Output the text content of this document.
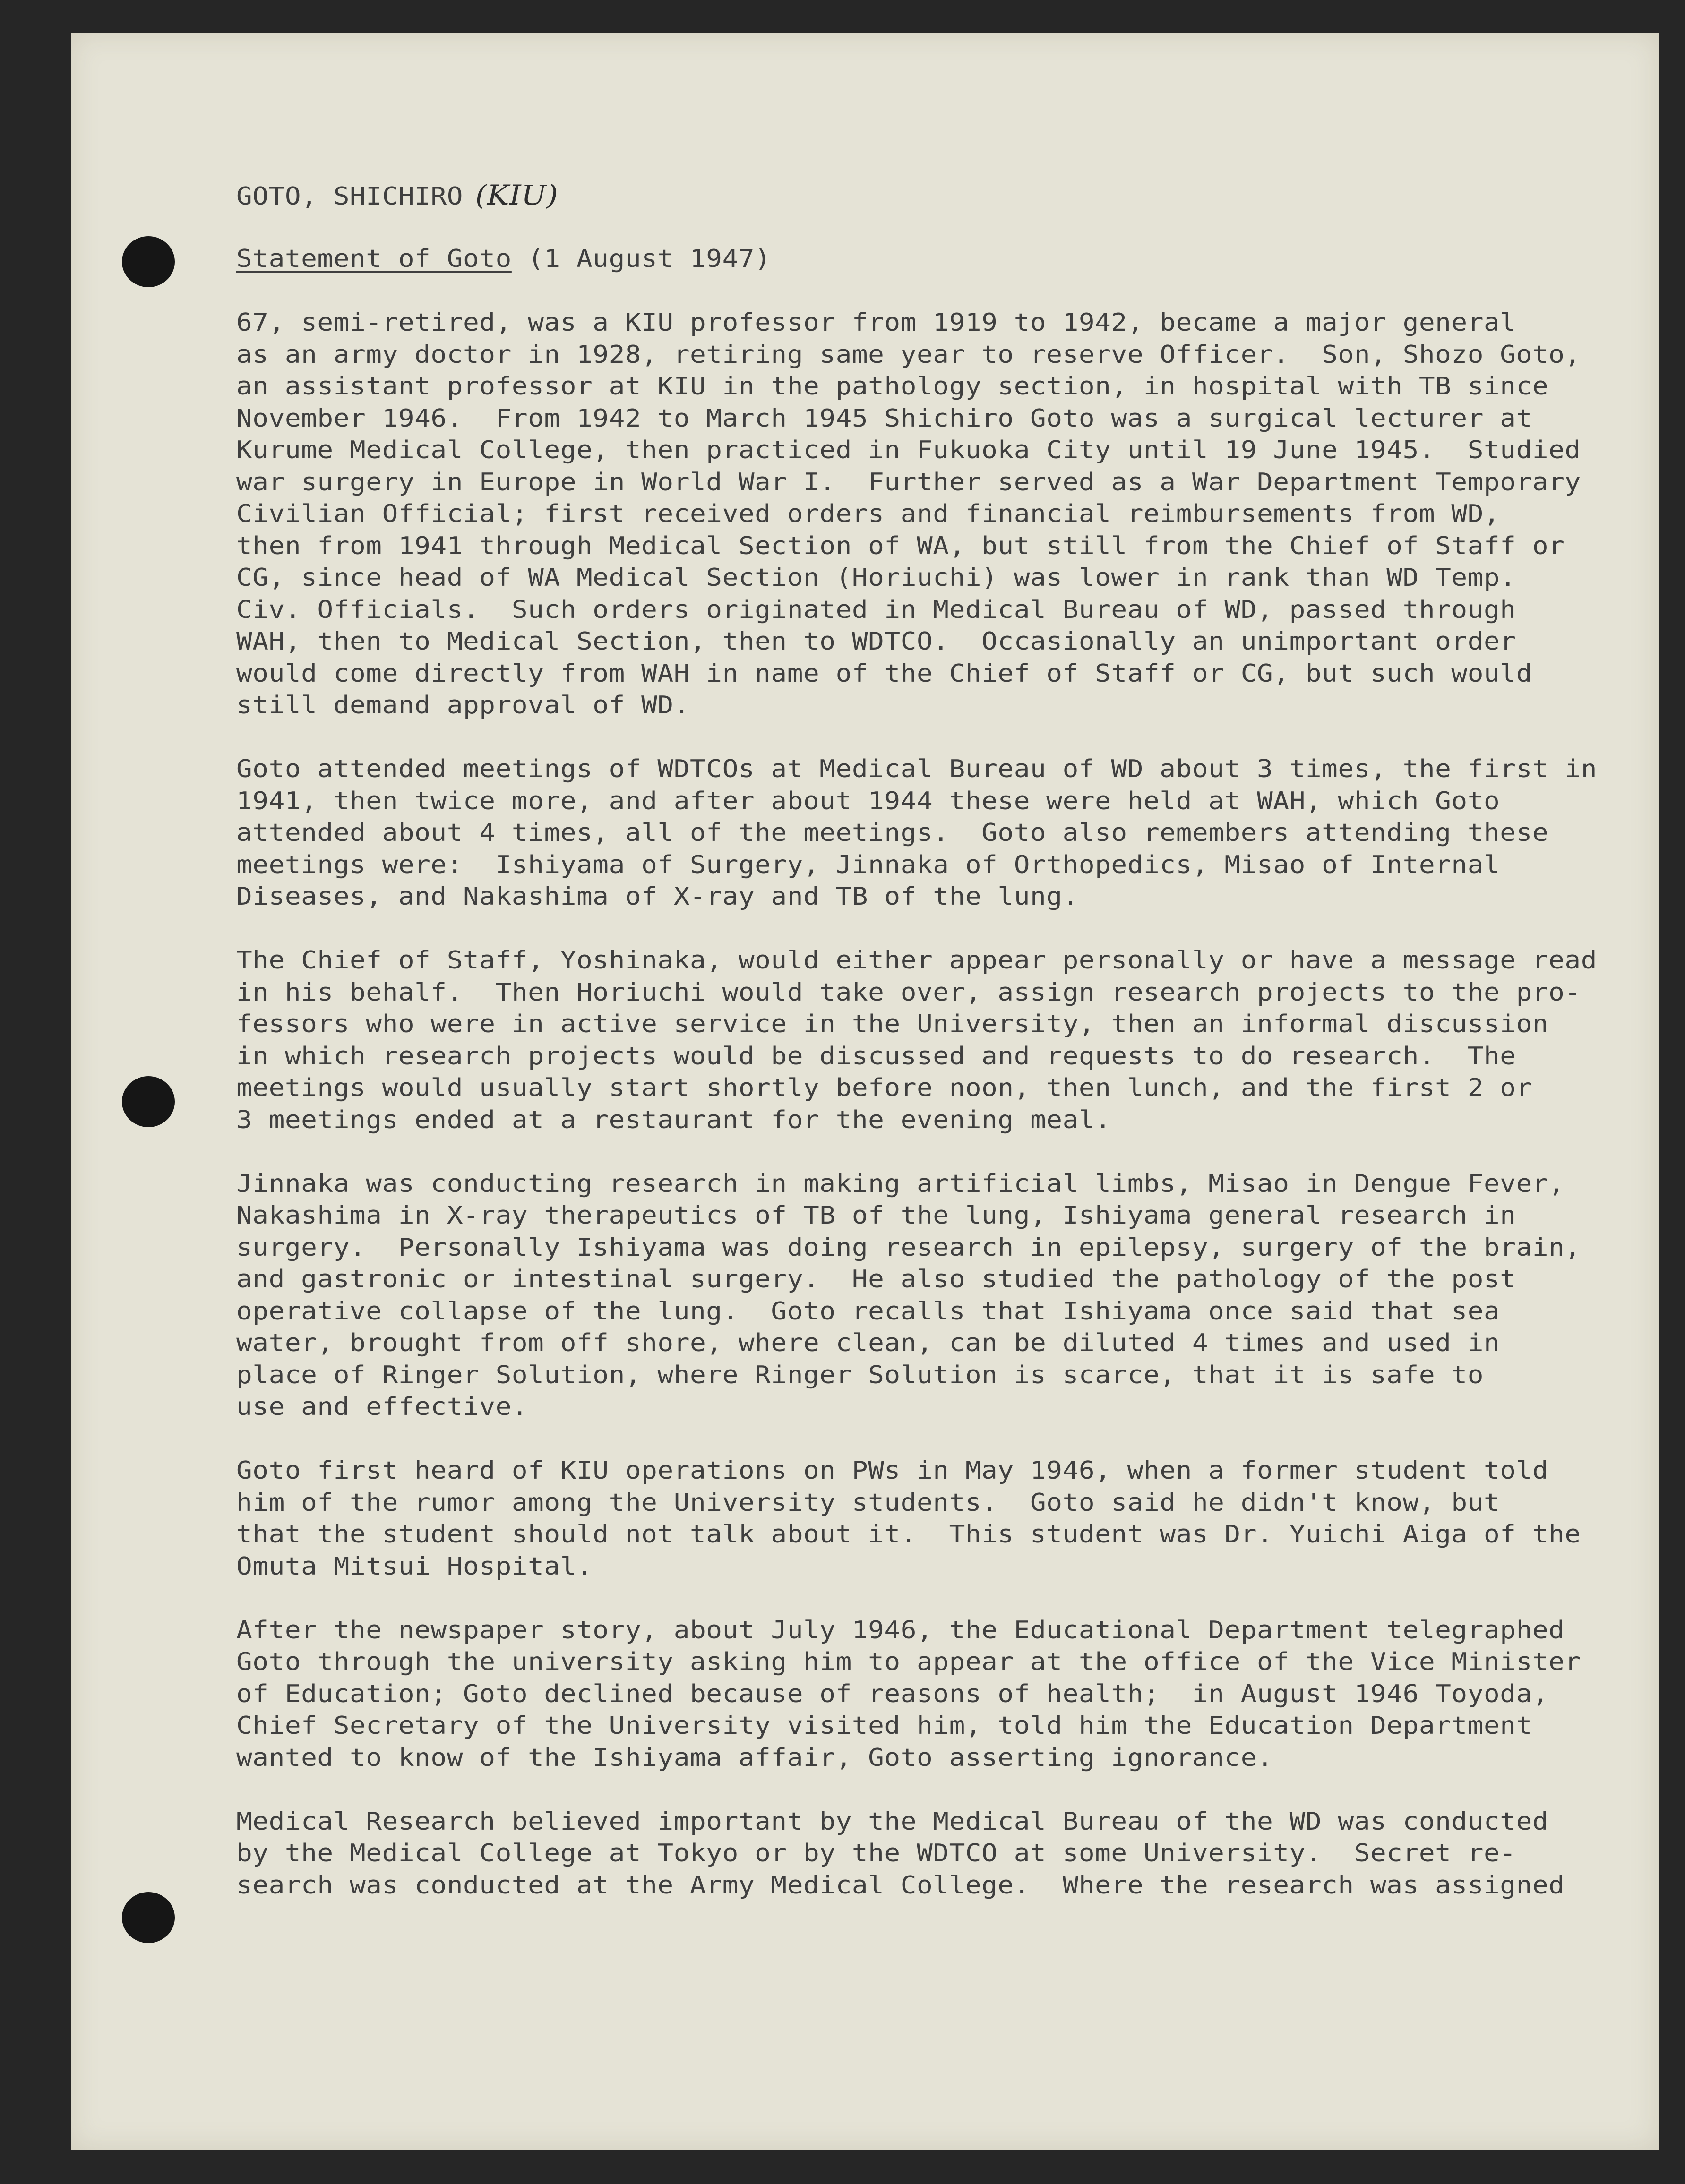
GOTO, SHICHIRO (KIU)
Statement of Goto (1 August 1947)
67, semi-retired, was a KIU professor from 1919 to 1942, became a major general
as an army doctor in 1928, retiring same year to reserve Officer.  Son, Shozo Goto,
an assistant professor at KIU in the pathology section, in hospital with TB since
November 1946.  From 1942 to March 1945 Shichiro Goto was a surgical lecturer at
Kurume Medical College, then practiced in Fukuoka City until 19 June 1945.  Studied
war surgery in Europe in World War I.  Further served as a War Department Temporary
Civilian Official; first received orders and financial reimbursements from WD,
then from 1941 through Medical Section of WA, but still from the Chief of Staff or
CG, since head of WA Medical Section (Horiuchi) was lower in rank than WD Temp.
Civ. Officials.  Such orders originated in Medical Bureau of WD, passed through
WAH, then to Medical Section, then to WDTCO.  Occasionally an unimportant order
would come directly from WAH in name of the Chief of Staff or CG, but such would
still demand approval of WD.
Goto attended meetings of WDTCOs at Medical Bureau of WD about 3 times, the first in
1941, then twice more, and after about 1944 these were held at WAH, which Goto
attended about 4 times, all of the meetings.  Goto also remembers attending these
meetings were:  Ishiyama of Surgery, Jinnaka of Orthopedics, Misao of Internal
Diseases, and Nakashima of X-ray and TB of the lung.
The Chief of Staff, Yoshinaka, would either appear personally or have a message read
in his behalf.  Then Horiuchi would take over, assign research projects to the pro-
fessors who were in active service in the University, then an informal discussion
in which research projects would be discussed and requests to do research.  The
meetings would usually start shortly before noon, then lunch, and the first 2 or
3 meetings ended at a restaurant for the evening meal.
Jinnaka was conducting research in making artificial limbs, Misao in Dengue Fever,
Nakashima in X-ray therapeutics of TB of the lung, Ishiyama general research in
surgery.  Personally Ishiyama was doing research in epilepsy, surgery of the brain,
and gastronic or intestinal surgery.  He also studied the pathology of the post
operative collapse of the lung.  Goto recalls that Ishiyama once said that sea
water, brought from off shore, where clean, can be diluted 4 times and used in
place of Ringer Solution, where Ringer Solution is scarce, that it is safe to
use and effective.
Goto first heard of KIU operations on PWs in May 1946, when a former student told
him of the rumor among the University students.  Goto said he didn't know, but
that the student should not talk about it.  This student was Dr. Yuichi Aiga of the
Omuta Mitsui Hospital.
After the newspaper story, about July 1946, the Educational Department telegraphed
Goto through the university asking him to appear at the office of the Vice Minister
of Education; Goto declined because of reasons of health;  in August 1946 Toyoda,
Chief Secretary of the University visited him, told him the Education Department
wanted to know of the Ishiyama affair, Goto asserting ignorance.
Medical Research believed important by the Medical Bureau of the WD was conducted
by the Medical College at Tokyo or by the WDTCO at some University.  Secret re-
search was conducted at the Army Medical College.  Where the research was assigned
